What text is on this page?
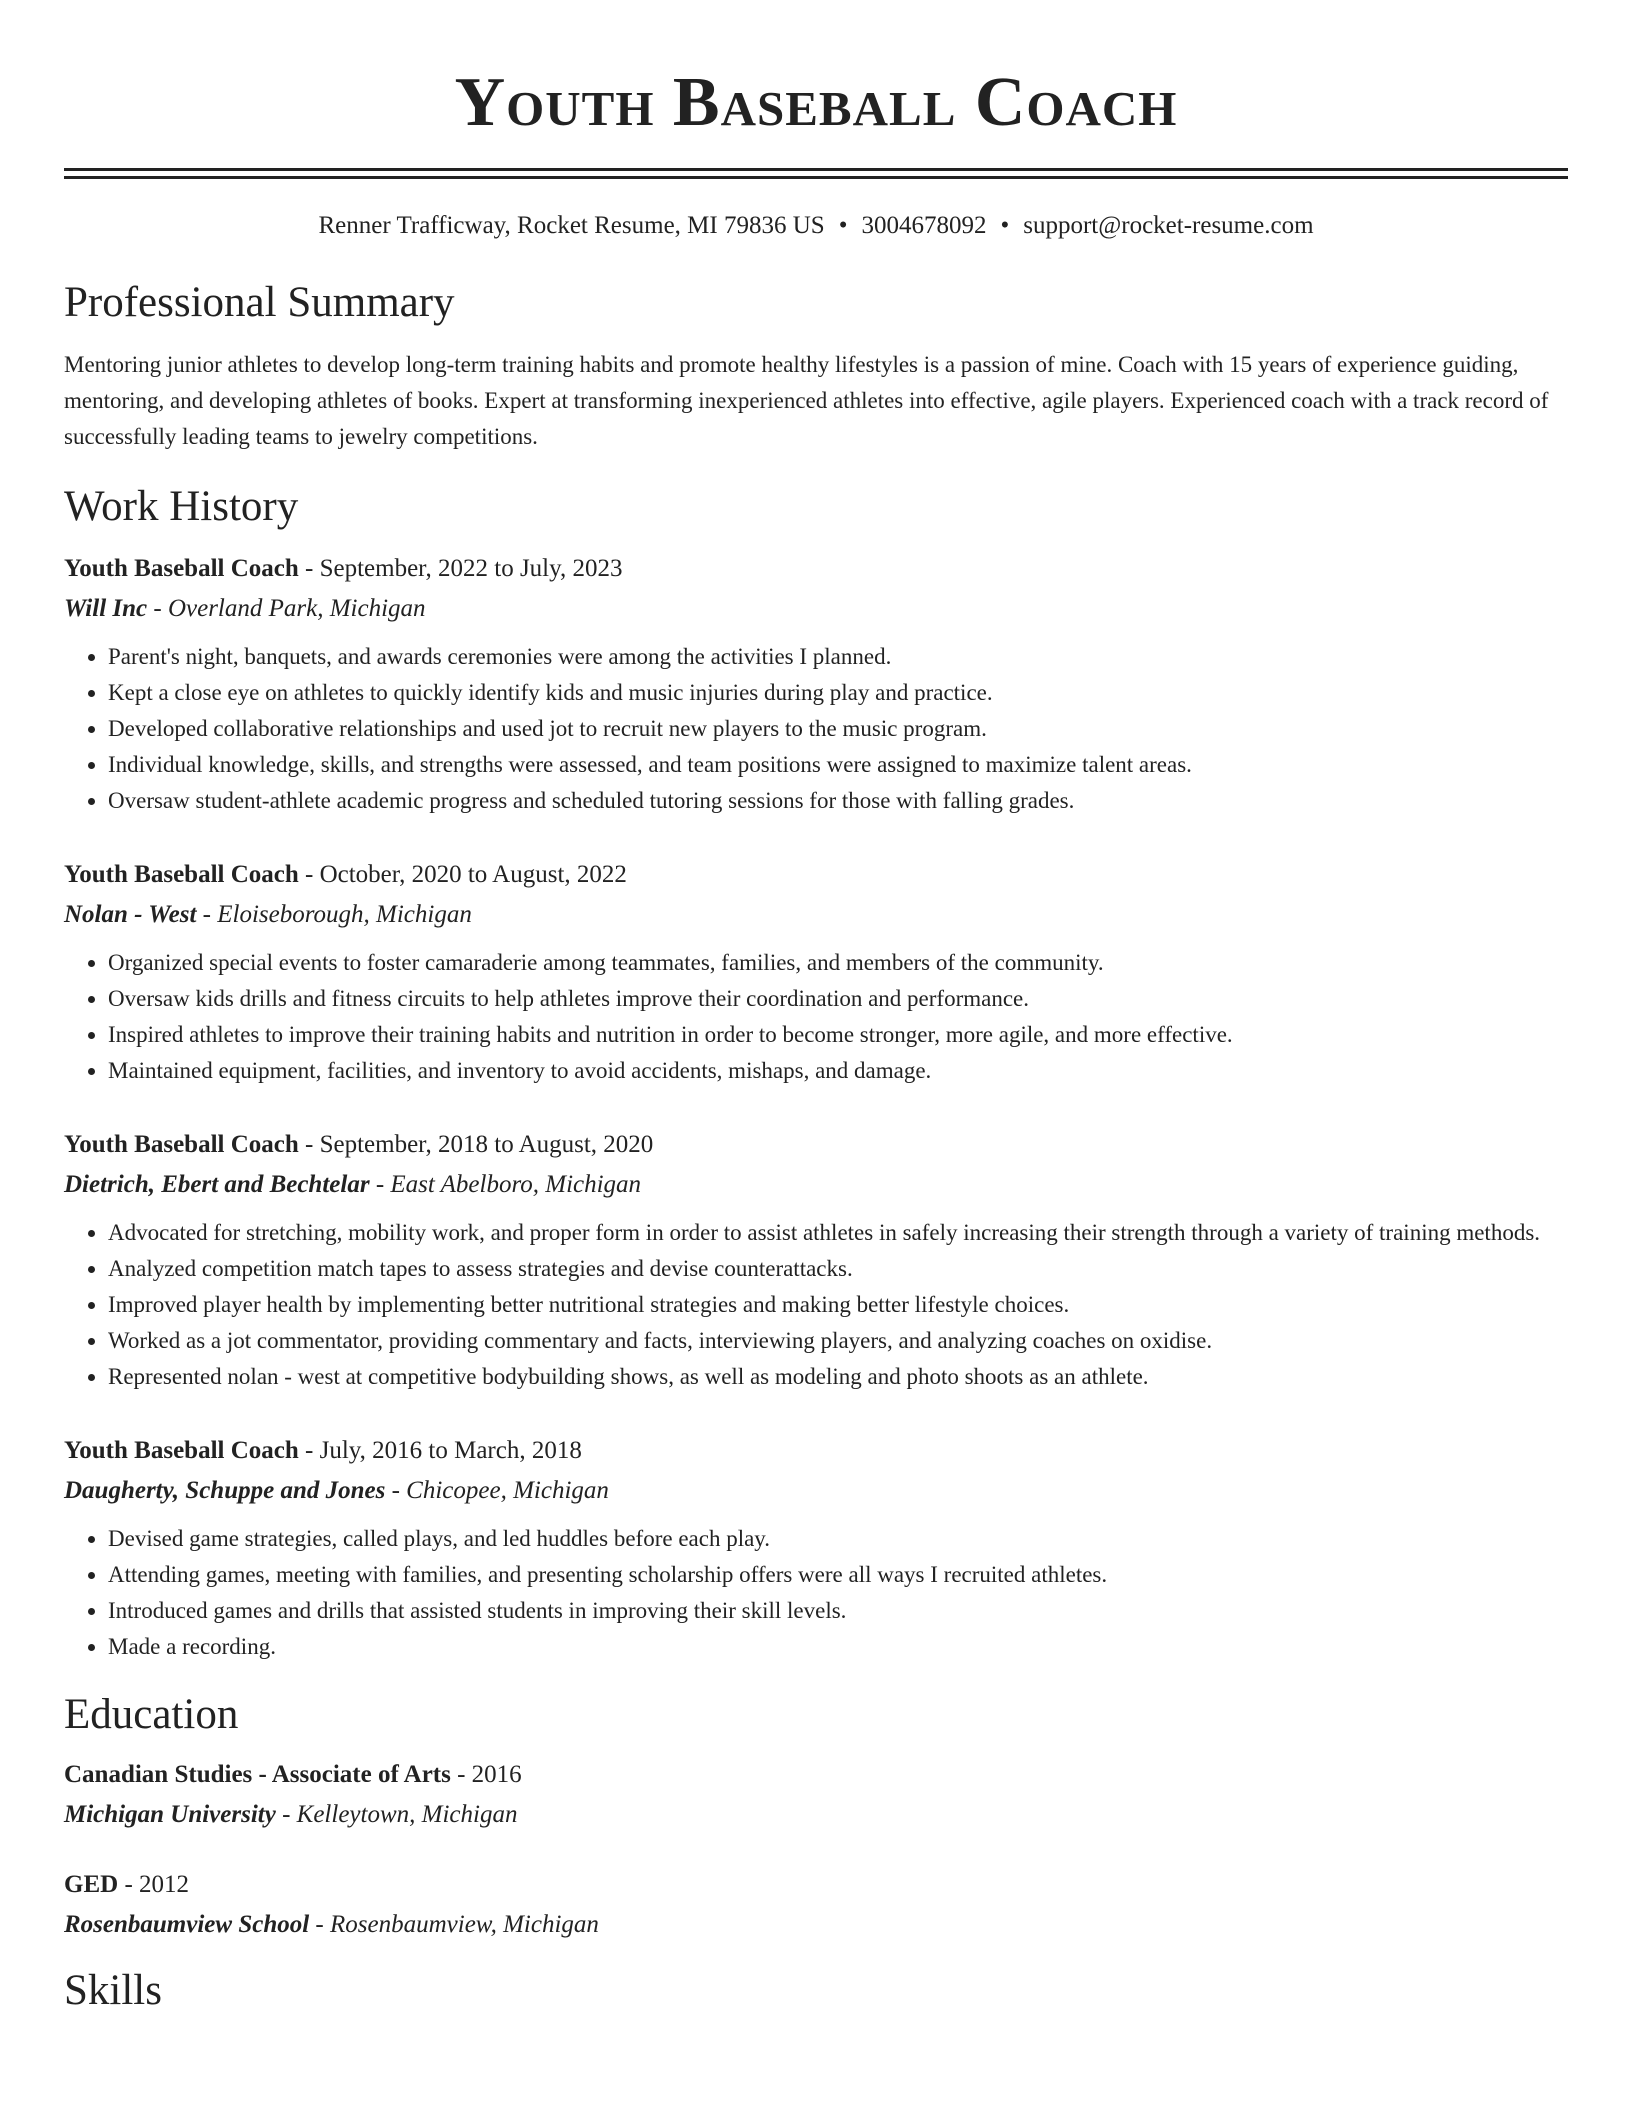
Youth Baseball Coach
Renner Trafficway, Rocket Resume, MI 79836 US • 3004678092 • support@rocket-resume.com
Professional Summary

Mentoring junior athletes to develop long-term training habits and promote healthy lifestyles is a passion of mine. Coach with 15 years of experience guiding, mentoring, and developing athletes of books. Expert at transforming inexperienced athletes into effective, agile players. Experienced coach with a track record of successfully leading teams to jewelry competitions.

Work History
Youth Baseball Coach - September, 2022 to July, 2023
Will Inc - Overland Park, Michigan
• Parent's night, banquets, and awards ceremonies were among the activities I planned.
• Kept a close eye on athletes to quickly identify kids and music injuries during play and practice.
• Developed collaborative relationships and used jot to recruit new players to the music program.
• Individual knowledge, skills, and strengths were assessed, and team positions were assigned to maximize talent areas.
• Oversaw student-athlete academic progress and scheduled tutoring sessions for those with falling grades.
Youth Baseball Coach - October, 2020 to August, 2022
Nolan - West - Eloiseborough, Michigan
• Organized special events to foster camaraderie among teammates, families, and members of the community.
• Oversaw kids drills and fitness circuits to help athletes improve their coordination and performance.
• Inspired athletes to improve their training habits and nutrition in order to become stronger, more agile, and more effective.
• Maintained equipment, facilities, and inventory to avoid accidents, mishaps, and damage.
Youth Baseball Coach - September, 2018 to August, 2020
Dietrich, Ebert and Bechtelar - East Abelboro, Michigan
• Advocated for stretching, mobility work, and proper form in order to assist athletes in safely increasing their strength through a variety of training methods.
• Analyzed competition match tapes to assess strategies and devise counterattacks.
• Improved player health by implementing better nutritional strategies and making better lifestyle choices.
• Worked as a jot commentator, providing commentary and facts, interviewing players, and analyzing coaches on oxidise.
• Represented nolan - west at competitive bodybuilding shows, as well as modeling and photo shoots as an athlete.
Youth Baseball Coach - July, 2016 to March, 2018
Daugherty, Schuppe and Jones - Chicopee, Michigan
• Devised game strategies, called plays, and led huddles before each play.
• Attending games, meeting with families, and presenting scholarship offers were all ways I recruited athletes.
• Introduced games and drills that assisted students in improving their skill levels.
• Made a recording.
Education
Canadian Studies - Associate of Arts - 2016
Michigan University - Kelleytown, Michigan
GED - 2012
Rosenbaumview School - Rosenbaumview, Michigan
Skills
